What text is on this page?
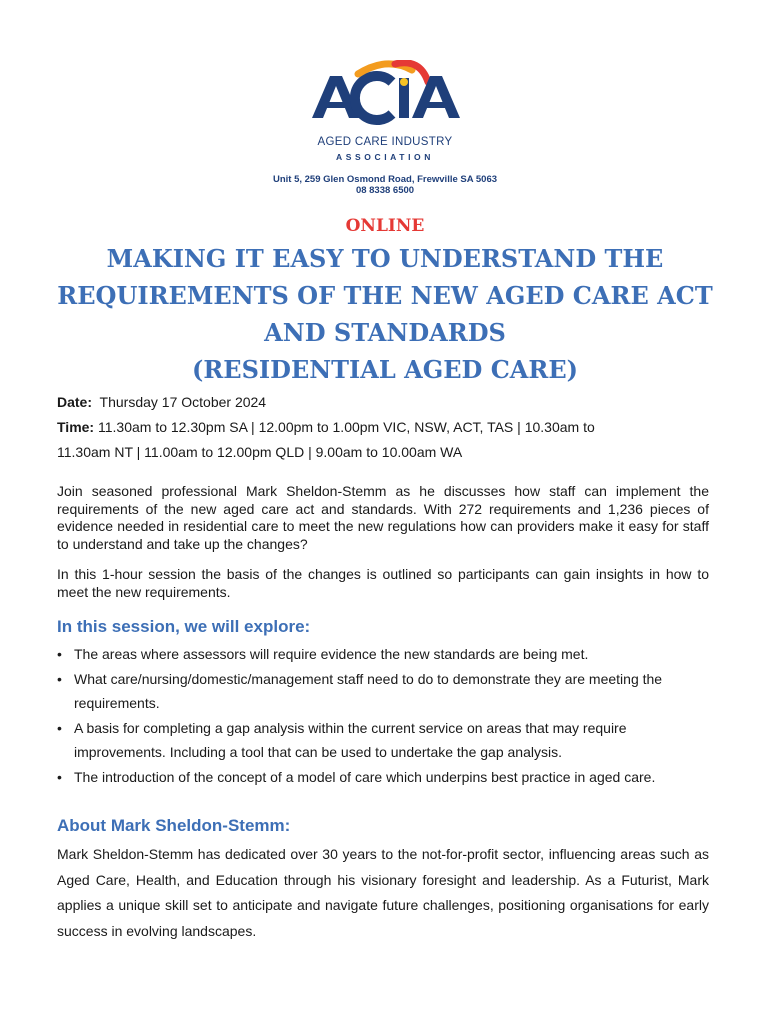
AGED CARE INDUSTRY
ASSOCIATION
Unit 5, 259 Glen Osmond Road, Frewville SA 5063
08 8338 6500
ONLINE
MAKING IT EASY TO UNDERSTAND THE
REQUIREMENTS OF THE NEW AGED CARE ACT
AND STANDARDS
(RESIDENTIAL AGED CARE)
Date: Thursday 17 October 2024
Time: 11.30am to 12.30pm SA | 12.00pm to 1.00pm VIC, NSW, ACT, TAS | 10.30am to
11.30am NT | 11.00am to 12.00pm QLD | 9.00am to 10.00am WA
Join seasoned professional Mark Sheldon-Stemm as he discusses how staff can implement the requirements of the new aged care act and standards. With 272 requirements and 1,236 pieces of evidence needed in residential care to meet the new regulations how can providers make it easy for staff to understand and take up the changes?
In this 1-hour session the basis of the changes is outlined so participants can gain insights in how to meet the new requirements.
In this session, we will explore:
• The areas where assessors will require evidence the new standards are being met.
• What care/nursing/domestic/management staff need to do to demonstrate they are meeting the requirements.
• A basis for completing a gap analysis within the current service on areas that may require improvements. Including a tool that can be used to undertake the gap analysis.
• The introduction of the concept of a model of care which underpins best practice in aged care.
About Mark Sheldon-Stemm:
Mark Sheldon-Stemm has dedicated over 30 years to the not-for-profit sector, influencing areas such as Aged Care, Health, and Education through his visionary foresight and leadership. As a Futurist, Mark applies a unique skill set to anticipate and navigate future challenges, positioning organisations for early success in evolving landscapes.
